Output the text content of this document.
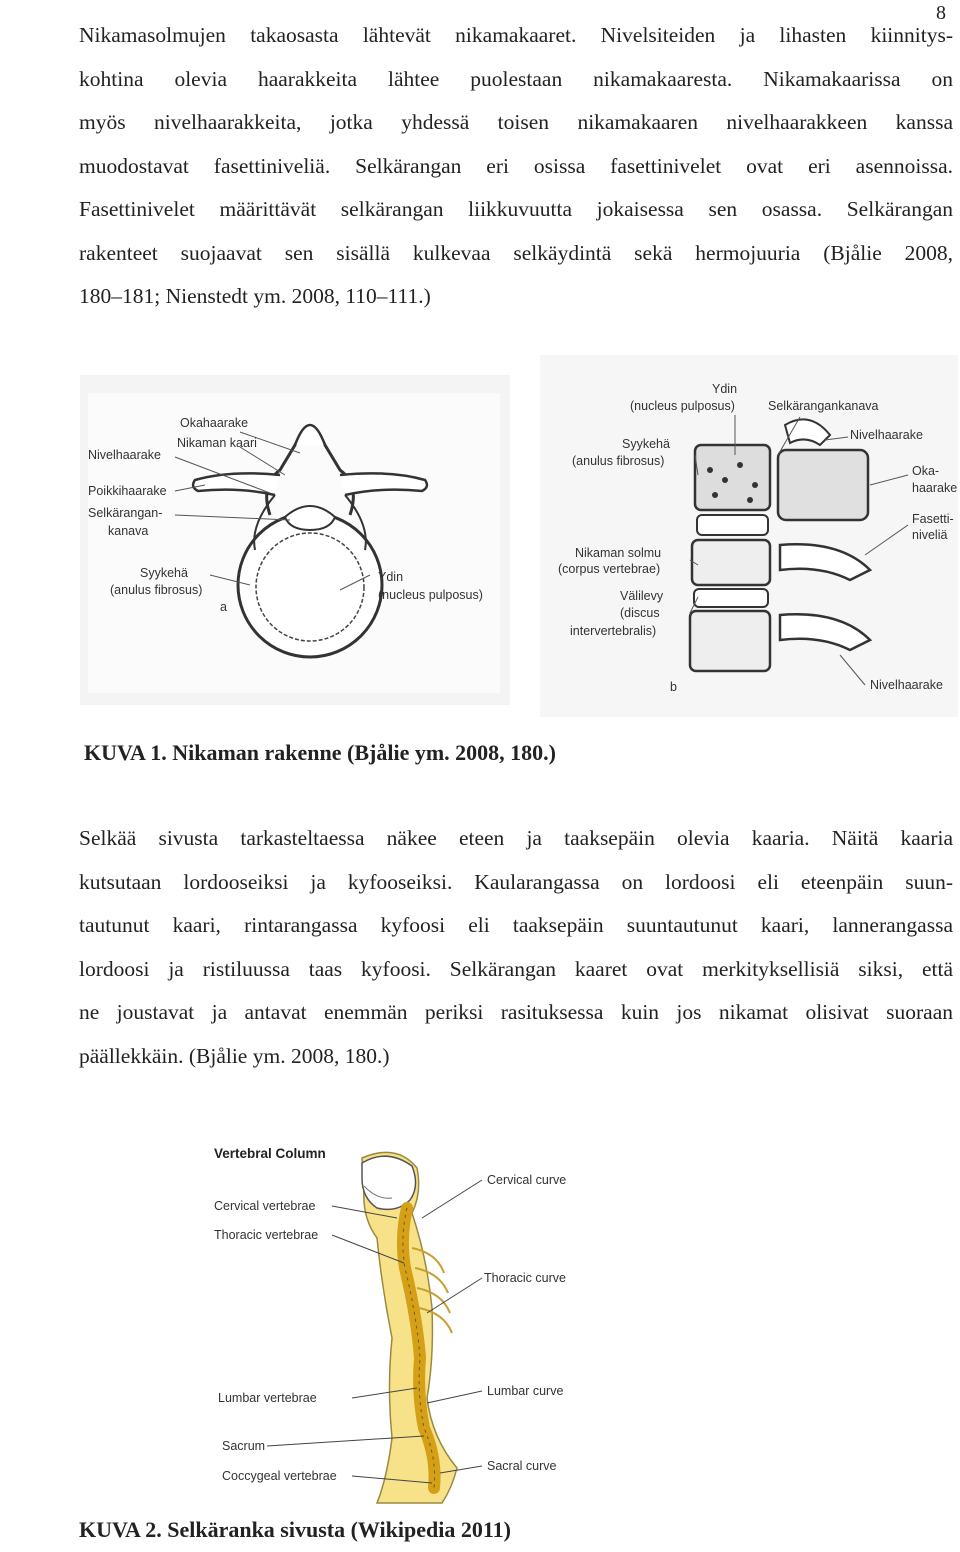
8

Nikamasolmujen takaosasta lähtevät nikamakaaret. Nivelsiteiden ja lihasten kiinnitys-
kohtina olevia haarakkeita lähtee puolestaan nikamakaaresta. Nikamakaarissa on
myös nivelhaarakkeita, jotka yhdessä toisen nikamakaaren nivelhaarakkeen kanssa
muodostavat fasettiniveliä. Selkärangan eri osissa fasettinivelet ovat eri asennoissa.
Fasettinivelet määrittävät selkärangan liikkuvuutta jokaisessa sen osassa. Selkärangan
rakenteet suojaavat sen sisällä kulkevaa selkäydintä sekä hermojuuria (Bjålie 2008,
180–181; Nienstedt ym. 2008, 110–111.)

Okahaarake
Nikaman kaari
Nivelhaarake
Poikkihaarake
Selkärangan-
kanava
Syykehä
(anulus fibrosus)
Ydin
(nucleus pulposus)
a
Ydin
(nucleus pulposus)	Selkärangankanava
Nivelhaarake
Syykehä
(anulus fibrosus)
Oka-
haarake
Fasetti-
niveliä
Nikaman solmu
(corpus vertebrae)
Välilevy
(discus
intervertebralis)
b	Nivelhaarake

KUVA 1. Nikaman rakenne (Bjålie ym. 2008, 180.)

Selkää sivusta tarkasteltaessa näkee eteen ja taaksepäin olevia kaaria. Näitä kaaria
kutsutaan lordooseiksi ja kyfooseiksi. Kaularangassa on lordoosi eli eteenpäin suun-
tautunut kaari, rintarangassa kyfoosi eli taaksepäin suuntautunut kaari, lannerangassa
lordoosi ja ristiluussa taas kyfoosi. Selkärangan kaaret ovat merkityksellisiä siksi, että
ne joustavat ja antavat enemmän periksi rasituksessa kuin jos nikamat olisivat suoraan
päällekkäin. (Bjålie ym. 2008, 180.)

Vertebral Column
Cervical vertebrae
Thoracic vertebrae
Lumbar vertebrae
Sacrum
Coccygeal vertebrae
Cervical curve
Thoracic curve
Lumbar curve
Sacral curve

KUVA 2. Selkäranka sivusta (Wikipedia 2011)
